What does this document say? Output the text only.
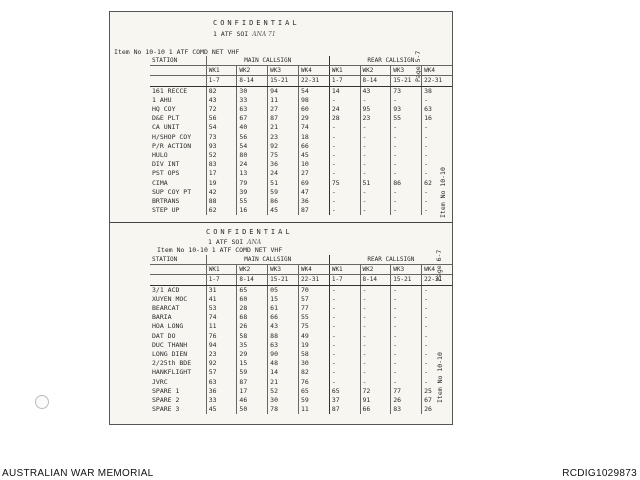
CONFIDENTIAL
1 ATF SOI ANA 71
Item No 10-10 1 ATF COMD NET VHF	Page 5-7
Item No 10-10
STATION	MAIN CALLSIGN				REAR CALLSIGN			
	WK1	WK2	WK3	WK4	WK1	WK2	WK3	WK4
	1-7	8-14	15-21	22-31	1-7	8-14	15-21	22-31
161 RECCE	82	30	94	54	14	43	73	38
1 AHU	43	33	11	98	-	-	-	-
HQ COY	72	63	27	60	24	95	93	63
D&E PLT	56	67	87	29	28	23	55	16
CA UNIT	54	40	21	74	-	-	-	-
H/SHOP COY	73	56	23	18	-	-	-	-
P/R ACTION	93	54	92	66	-	-	-	-
HULO	52	80	75	45	-	-	-	-
DIV INT	83	24	36	10	-	-	-	-
PST OPS	17	13	24	27	-	-	-	-
CIMA	19	79	51	69	75	51	86	62
SUP COY PT	42	39	59	47	-	-	-	-
BRTRANS	88	55	86	36	-	-	-	-
STEP UP	62	16	45	87	-	-	-	-
CONFIDENTIAL
1 ATF SOI ANA
Item No 10-10 1 ATF COMD NET VHF	Page 6-7
Item No 10-10
STATION	MAIN CALLSIGN				REAR CALLSIGN			
	WK1	WK2	WK3	WK4	WK1	WK2	WK3	WK4
	1-7	8-14	15-21	22-31	1-7	8-14	15-21	22-31
3/1 ACD	31	65	05	70	-	-	-	-
XUYEN MOC	41	60	15	57	-	-	-	-
BEARCAT	53	28	61	77	-	-	-	-
BARIA	74	68	66	55	-	-	-	-
HOA LONG	11	26	43	75	-	-	-	-
DAT DO	76	58	88	49	-	-	-	-
DUC THANH	94	35	63	19	-	-	-	-
LONG DIEN	23	29	90	58	-	-	-	-
2/25th BDE	92	15	48	30	-	-	-	-
HANKFLIGHT	57	59	14	82	-	-	-	-
JVRC	63	87	21	76	-	-	-	-
SPARE 1	36	17	52	65	65	72	77	25
SPARE 2	33	46	30	59	37	91	26	67
SPARE 3	45	50	78	11	87	66	83	26
AUSTRALIAN WAR MEMORIAL	RCDIG1029873
